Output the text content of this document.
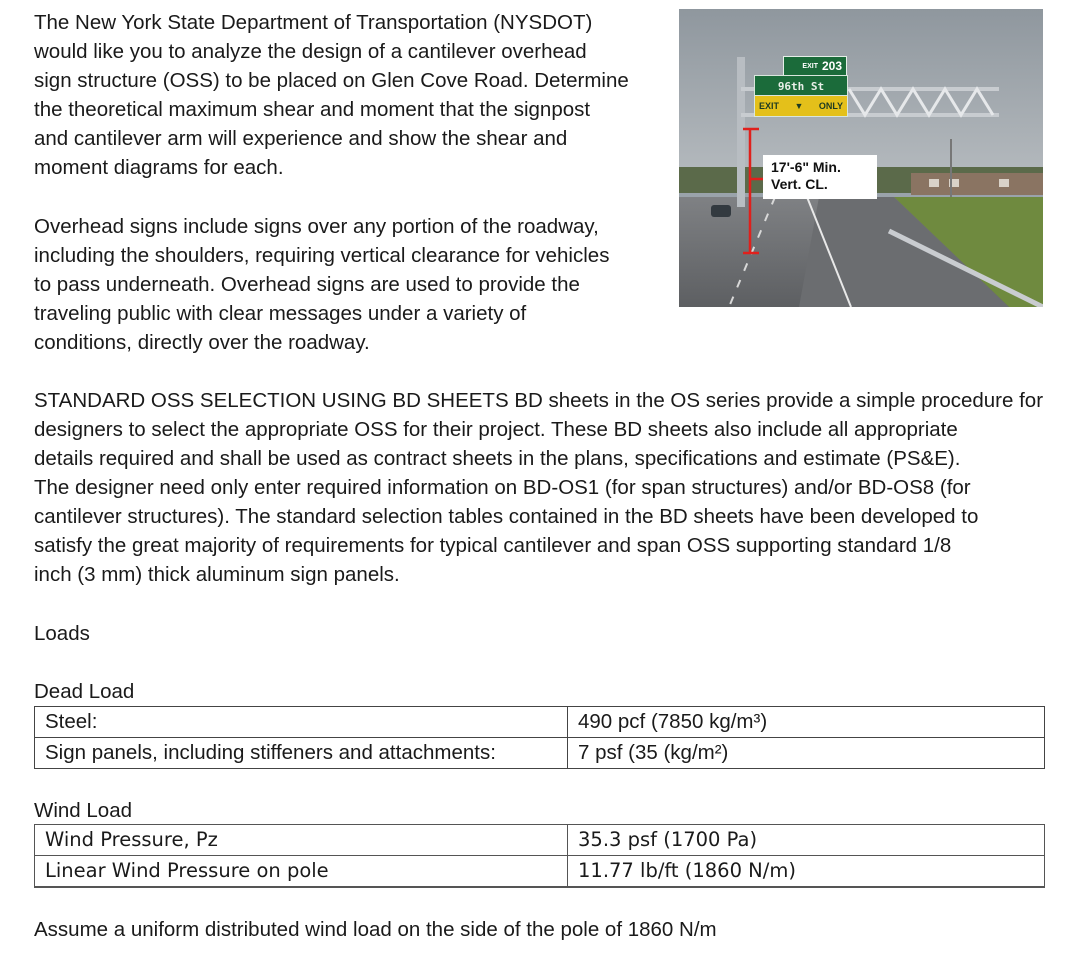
The New York State Department of Transportation (NYSDOT)
would like you to analyze the design of a cantilever overhead
sign structure (OSS) to be placed on Glen Cove Road. Determine
the theoretical maximum shear and moment that the signpost
and cantilever arm will experience and show the shear and
moment diagrams for each.

Overhead signs include signs over any portion of the roadway,
including the shoulders, requiring vertical clearance for vehicles
to pass underneath. Overhead signs are used to provide the
traveling public with clear messages under a variety of
conditions, directly over the roadway.

STANDARD OSS SELECTION USING BD SHEETS BD sheets in the OS series provide a simple procedure for
designers to select the appropriate OSS for their project. These BD sheets also include all appropriate
details required and shall be used as contract sheets in the plans, specifications and estimate (PS&E).
The designer need only enter required information on BD-OS1 (for span structures) and/or BD-OS8 (for
cantilever structures). The standard selection tables contained in the BD sheets have been developed to
satisfy the great majority of requirements for typical cantilever and span OSS supporting standard 1/8
inch (3 mm) thick aluminum sign panels.

Loads
Dead Load
Steel:	490 pcf (7850 kg/m³)
Sign panels, including stiffeners and attachments:	7 psf (35 (kg/m²)
Wind Load
Wind Pressure, Pz	35.3 psf (1700 Pa)
Linear Wind Pressure on pole	11.77 lb/ft (1860 N/m)
Assume a uniform distributed wind load on the side of the pole of 1860 N/m
EXIT 203
96th St
EXIT ▼ ONLY
17'-6" Min.
Vert. CL.
